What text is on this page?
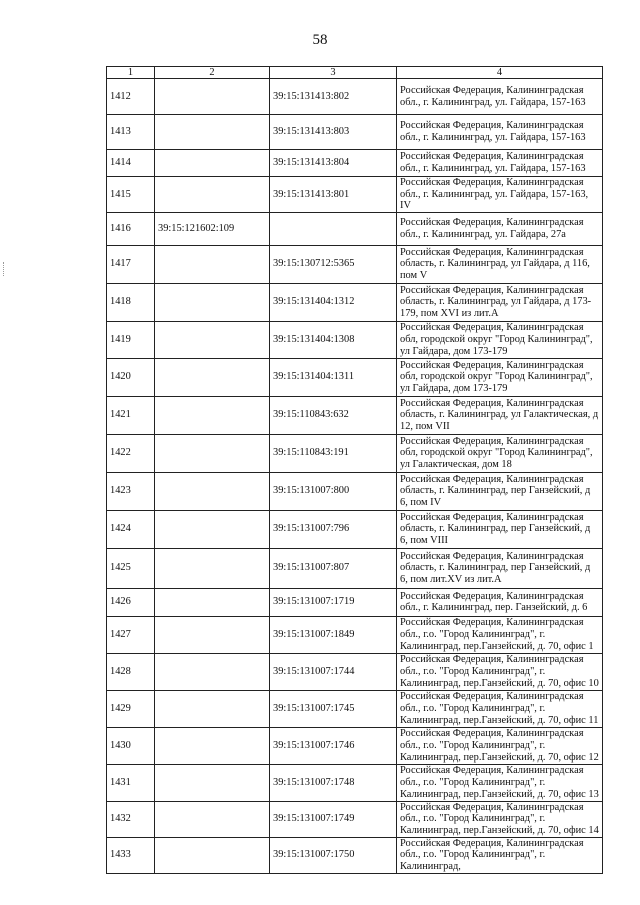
58
1	2	3	4
1412		39:15:131413:802	Российская Федерация, Калининградская обл., г. Калининград, ул. Гайдара, 157-163
1413		39:15:131413:803	Российская Федерация, Калининградская обл., г. Калининград, ул. Гайдара, 157-163
1414		39:15:131413:804	Российская Федерация, Калининградская обл., г. Калининград, ул. Гайдара, 157-163
1415		39:15:131413:801	Российская Федерация, Калининградская обл., г. Калининград, ул. Гайдара, 157-163, IV
1416	39:15:121602:109		Российская Федерация, Калининградская обл., г. Калининград, ул. Гайдара, 27а
1417		39:15:130712:5365	Российская Федерация, Калининградская область, г. Калининград, ул Гайдара, д 116, пом V
1418		39:15:131404:1312	Российская Федерация, Калининградская область, г. Калининград, ул Гайдара, д 173-179, пом XVI из лит.А
1419		39:15:131404:1308	Российская Федерация, Калининградская обл, городской округ "Город Калининград", ул Гайдара, дом 173-179
1420		39:15:131404:1311	Российская Федерация, Калининградская обл, городской округ "Город Калининград", ул Гайдара, дом 173-179
1421		39:15:110843:632	Российская Федерация, Калининградская область, г. Калининград, ул Галактическая, д 12, пом VII
1422		39:15:110843:191	Российская Федерация, Калининградская обл, городской округ "Город Калининград", ул Галактическая, дом 18
1423		39:15:131007:800	Российская Федерация, Калининградская область, г. Калининград, пер Ганзейский, д 6, пом IV
1424		39:15:131007:796	Российская Федерация, Калининградская область, г. Калининград, пер Ганзейский, д 6, пом VIII
1425		39:15:131007:807	Российская Федерация, Калининградская область, г. Калининград, пер Ганзейский, д 6, пом лит.XV из лит.А
1426		39:15:131007:1719	Российская Федерация, Калининградская обл., г. Калининград, пер. Ганзейский, д. 6
1427		39:15:131007:1849	Российская Федерация, Калининградская обл., г.о. "Город Калининград", г. Калининград, пер.Ганзейский, д. 70, офис 1
1428		39:15:131007:1744	Российская Федерация, Калининградская обл., г.о. "Город Калининград", г. Калининград, пер.Ганзейский, д. 70, офис 10
1429		39:15:131007:1745	Российская Федерация, Калининградская обл., г.о. "Город Калининград", г. Калининград, пер.Ганзейский, д. 70, офис 11
1430		39:15:131007:1746	Российская Федерация, Калининградская обл., г.о. "Город Калининград", г. Калининград, пер.Ганзейский, д. 70, офис 12
1431		39:15:131007:1748	Российская Федерация, Калининградская обл., г.о. "Город Калининград", г. Калининград, пер.Ганзейский, д. 70, офис 13
1432		39:15:131007:1749	Российская Федерация, Калининградская обл., г.о. "Город Калининград", г. Калининград, пер.Ганзейский, д. 70, офис 14
1433		39:15:131007:1750	Российская Федерация, Калининградская обл., г.о. "Город Калининград", г. Калининград,
